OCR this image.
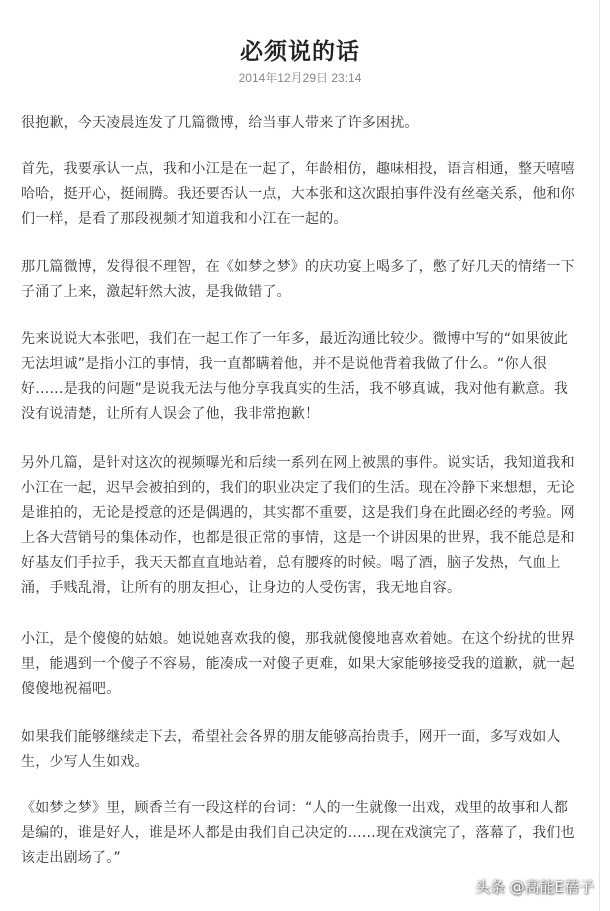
必须说的话
2014年12月29日 23:14

很抱歉，今天凌晨连发了几篇微博，给当事人带来了许多困扰。

首先，我要承认一点，我和小江是在一起了，年龄相仿，趣味相投，语言相通，整天嘻嘻哈哈，挺开心，挺闹腾。我还要否认一点，大本张和这次跟拍事件没有丝毫关系，他和你们一样，是看了那段视频才知道我和小江在一起的。

那几篇微博，发得很不理智，在《如梦之梦》的庆功宴上喝多了，憋了好几天的情绪一下子涌了上来，激起轩然大波，是我做错了。

先来说说大本张吧，我们在一起工作了一年多，最近沟通比较少。微博中写的“如果彼此无法坦诚”是指小江的事情，我一直都瞒着他，并不是说他背着我做了什么。“你人很好……是我的问题”是说我无法与他分享我真实的生活，我不够真诚，我对他有歉意。我没有说清楚，让所有人误会了他，我非常抱歉！

另外几篇，是针对这次的视频曝光和后续一系列在网上被黑的事件。说实话，我知道我和小江在一起，迟早会被拍到的，我们的职业决定了我们的生活。现在冷静下来想想，无论是谁拍的，无论是授意的还是偶遇的，其实都不重要，这是我们身在此圈必经的考验。网上各大营销号的集体动作，也都是很正常的事情，这是一个讲因果的世界，我不能总是和好基友们手拉手，我天天都直直地站着，总有腰疼的时候。喝了酒，脑子发热，气血上涌，手贱乱滑，让所有的朋友担心，让身边的人受伤害，我无地自容。

小江，是个傻傻的姑娘。她说她喜欢我的傻，那我就傻傻地喜欢着她。在这个纷扰的世界里，能遇到一个傻子不容易，能凑成一对傻子更难，如果大家能够接受我的道歉，就一起傻傻地祝福吧。

如果我们能够继续走下去，希望社会各界的朋友能够高抬贵手，网开一面，多写戏如人生，少写人生如戏。

《如梦之梦》里，顾香兰有一段这样的台词：“人的一生就像一出戏，戏里的故事和人都是编的，谁是好人，谁是坏人都是由我们自己决定的……现在戏演完了，落幕了，我们也该走出剧场了。”

头条 @高能E蓓子
